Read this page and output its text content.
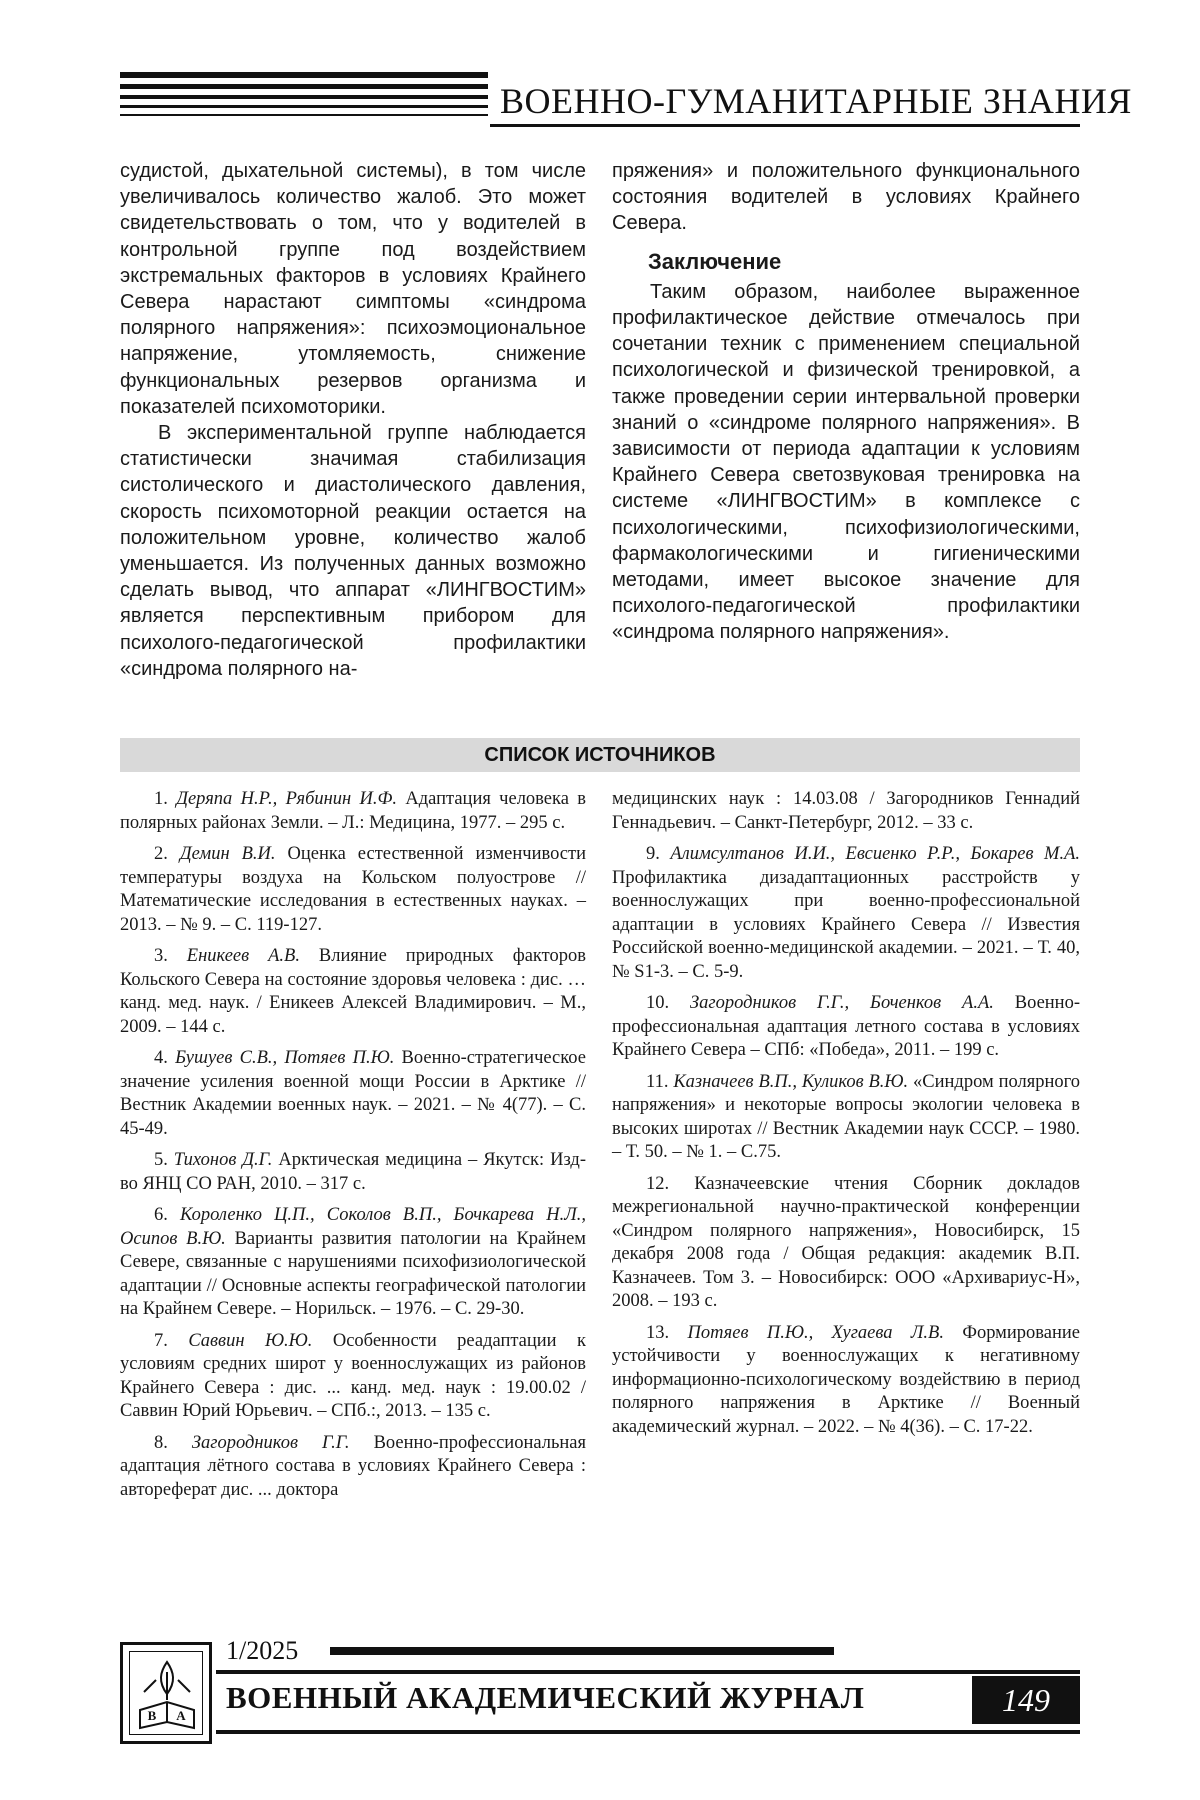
ВОЕННО-ГУМАНИТАРНЫЕ ЗНАНИЯ

судистой, дыхательной системы), в том числе увеличивалось количество жалоб. Это может свидетельствовать о том, что у водителей в контрольной группе под воздействием экстремальных факторов в условиях Крайнего Севера нарастают симптомы «синдрома полярного напряжения»: психоэмоциональное напряжение, утомляемость, снижение функциональных резервов организма и показателей психомоторики.

В экспериментальной группе наблюдается статистически значимая стабилизация систолического и диастолического давления, скорость психомоторной реакции остается на положительном уровне, количество жалоб уменьшается. Из полученных данных возможно сделать вывод, что аппарат «ЛИНГВОСТИМ» является перспективным прибором для психолого-педагогической профилактики «синдрома полярного на-

пряжения» и положительного функционального состояния водителей в условиях Крайнего Севера.

Заключение

Таким образом, наиболее выраженное профилактическое действие отмечалось при сочетании техник с применением специальной психологической и физической тренировкой, а также проведении серии интервальной проверки знаний о «синдроме полярного напряжения». В зависимости от периода адаптации к условиям Крайнего Севера светозвуковая тренировка на системе «ЛИНГВОСТИМ» в комплексе с психологическими, психофизиологическими, фармакологическими и гигиеническими методами, имеет высокое значение для психолого-педагогической профилактики «синдрома полярного напряжения».

СПИСОК ИСТОЧНИКОВ

1. Деряпа Н.Р., Рябинин И.Ф. Адаптация человека в полярных районах Земли. – Л.: Медицина, 1977. – 295 с.

2. Демин В.И. Оценка естественной изменчивости температуры воздуха на Кольском полуострове // Математические исследования в естественных науках. – 2013. – № 9. – С. 119-127.

3. Еникеев А.В. Влияние природных факторов Кольского Севера на состояние здоровья человека : дис. … канд. мед. наук. / Еникеев Алексей Владимирович. – М., 2009. – 144 с.

4. Бушуев С.В., Потяев П.Ю. Военно-стратегическое значение усиления военной мощи России в Арктике // Вестник Академии военных наук. – 2021. – № 4(77). – С. 45-49.

5. Тихонов Д.Г. Арктическая медицина – Якутск: Изд-во ЯНЦ СО РАН, 2010. – 317 с.

6. Короленко Ц.П., Соколов В.П., Бочкарева Н.Л., Осипов В.Ю. Варианты развития патологии на Крайнем Севере, связанные с нарушениями психофизиологической адаптации // Основные аспекты географической патологии на Крайнем Севере. – Норильск. – 1976. – С. 29-30.

7. Саввин Ю.Ю. Особенности реадаптации к условиям средних широт у военнослужащих из районов Крайнего Севера : дис. ... канд. мед. наук : 19.00.02 / Саввин Юрий Юрьевич. – СПб.:, 2013. – 135 с.

8. Загородников Г.Г. Военно-профессиональная адаптация лётного состава в условиях Крайнего Севера : автореферат дис. ... доктора

медицинских наук : 14.03.08 / Загородников Геннадий Геннадьевич. – Санкт-Петербург, 2012. – 33 с.

9. Алимсултанов И.И., Евсиенко Р.Р., Бокарев М.А. Профилактика дизадаптационных расстройств у военнослужащих при военно-профессиональной адаптации в условиях Крайнего Севера // Известия Российской военно-медицинской академии. – 2021. – Т. 40, № S1-3. – С. 5-9.

10. Загородников Г.Г., Боченков А.А. Военно-профессиональная адаптация летного состава в условиях Крайнего Севера – СПб: «Победа», 2011. – 199 с.

11. Казначеев В.П., Куликов В.Ю. «Синдром полярного напряжения» и некоторые вопросы экологии человека в высоких широтах // Вестник Академии наук СССР. – 1980. – Т. 50. – № 1. – С.75.

12. Казначеевские чтения Сборник докладов межрегиональной научно-практической конференции «Синдром полярного напряжения», Новосибирск, 15 декабря 2008 года / Общая редакция: академик В.П. Казначеев. Том 3. – Новосибирск: ООО «Архивариус-Н», 2008. – 193 с.

13. Потяев П.Ю., Хугаева Л.В. Формирование устойчивости у военнослужащих к негативному информационно-психологическому воздействию в период полярного напряжения в Арктике // Военный академический журнал. – 2022. – № 4(36). – С. 17-22.

В А
1/2025
ВОЕННЫЙ АКАДЕМИЧЕСКИЙ ЖУРНАЛ	149
